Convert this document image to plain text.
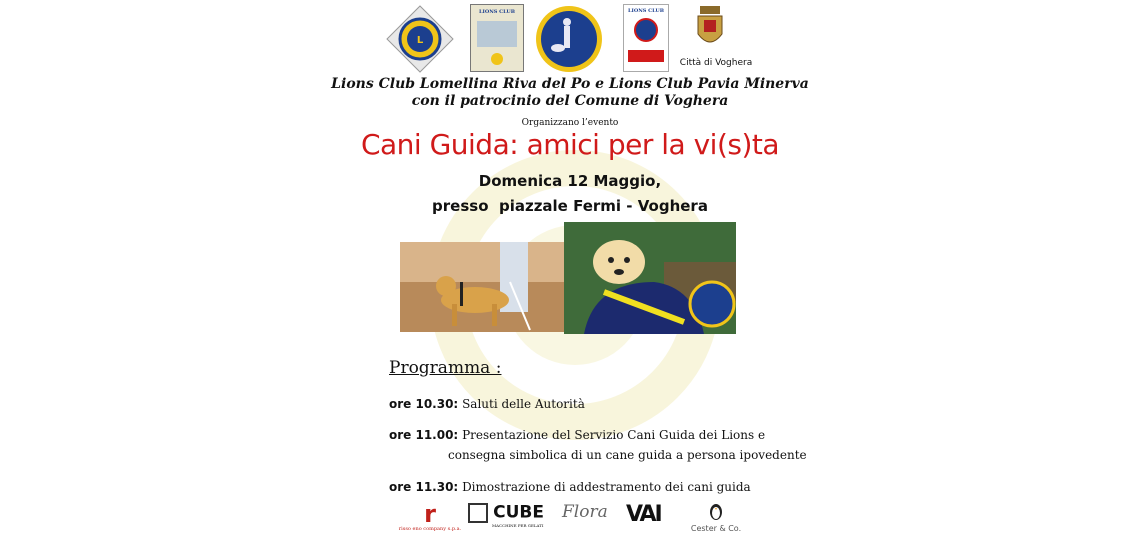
L
LIONS CLUB	LIONS CLUB
Città di Voghera
Lions Club Lomellina Riva del Po e Lions Club Pavia Minerva
con il patrocinio del Comune di Voghera
Organizzano l’evento
Cani Guida: amici per la vi(s)ta
Domenica 12 Maggio,
presso  piazzale Fermi - Voghera
Programma :
ore 10.30: Saluti delle Autorità
ore 11.00: Presentazione del Servizio Cani Guida dei Lions e
consegna simbolica di un cane guida a persona ipovedente
ore 11.30: Dimostrazione di addestramento dei cani guida
r
risso eno company s.p.a.
CUBE
MACCHINE PER GELATI
Flora VAI
Cester & Co.
